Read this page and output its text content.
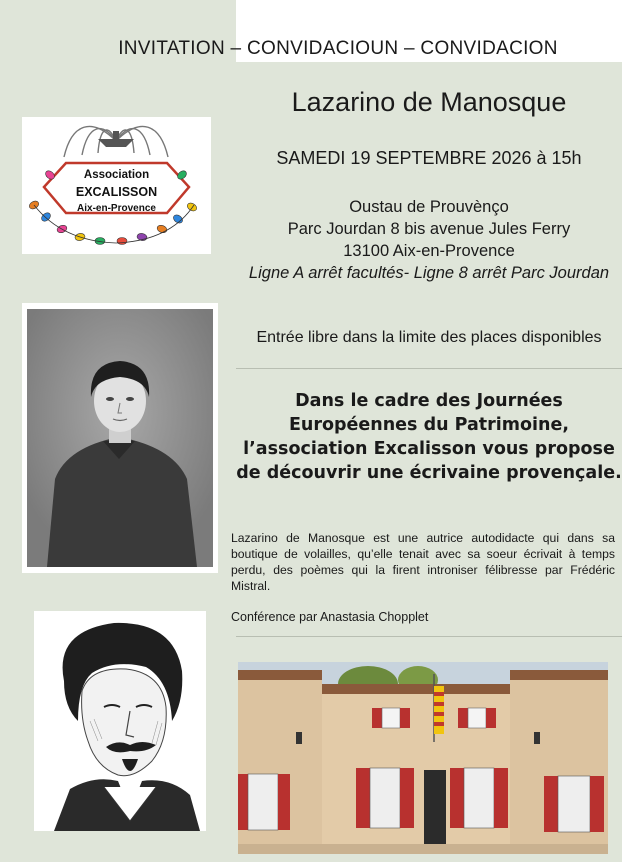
INVITATION – CONVIDACIOUN – CONVIDACION
Lazarino de Manosque
SAMEDI 19 SEPTEMBRE 2026 à 15h
Oustau de Prouvènço
Parc Jourdan 8 bis avenue Jules Ferry
13100 Aix-en-Provence
Ligne A arrêt facultés- Ligne 8 arrêt Parc Jourdan
Entrée libre dans la limite des places disponibles
Dans le cadre des Journées Européennes du Patrimoine, l’association Excalisson vous propose de découvrir une écrivaine provençale.
Lazarino de Manosque est une autrice autodidacte qui dans sa boutique de volailles, qu’elle tenait avec sa soeur écrivait à temps perdu, des poèmes qui la firent introniser félibresse par Frédéric Mistral.
Conférence par Anastasia Chopplet
Association
EXCALISSON
Aix-en-Provence
